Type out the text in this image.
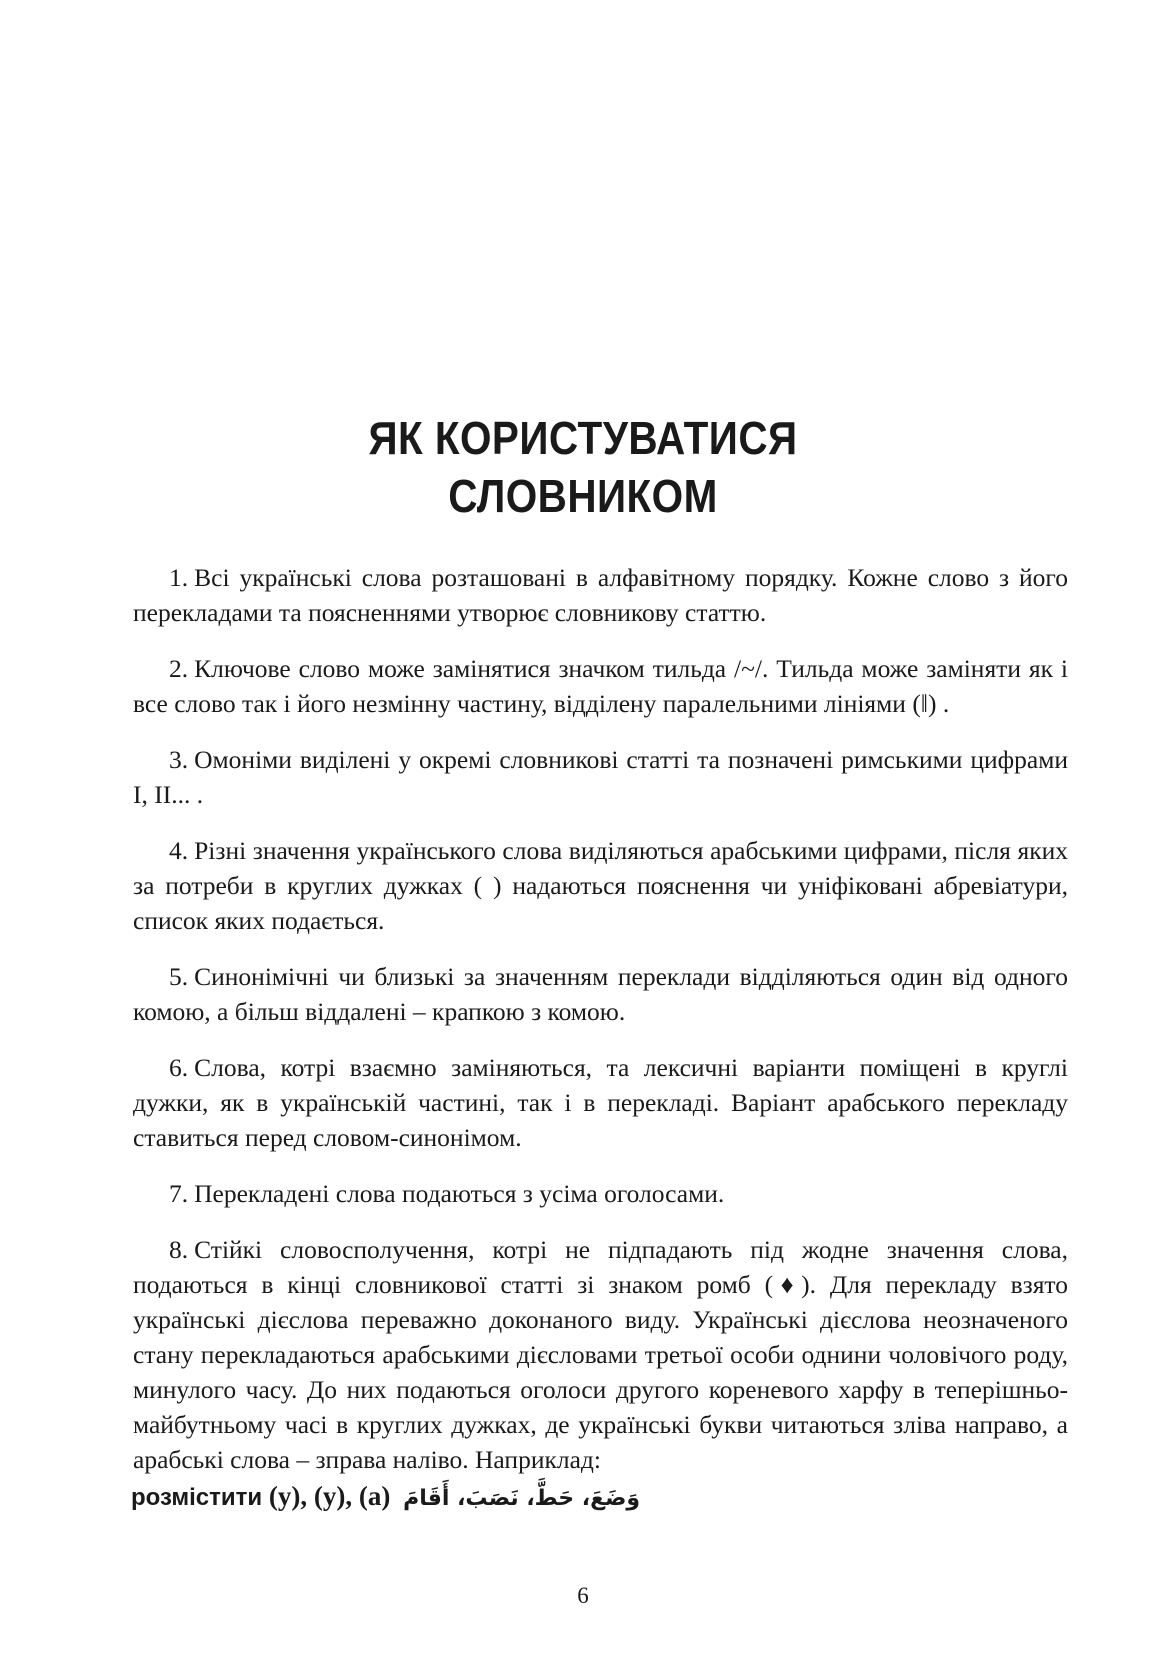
ЯК КОРИСТУВАТИСЯ
СЛОВНИКОМ

1. Всі українські слова розташовані в алфавітному порядку. Кожне слово з його перекладами та поясненнями утворює словникову статтю.

2. Ключове слово може замінятися значком тильда /~/. Тильда може заміняти як і все слово так і його незмінну частину, відділену паралельними лініями (‖) .

3. Омоніми виділені у окремі словникові статті та позначені римськими цифрами I, II... .

4. Різні значення українського слова виділяються арабськими цифрами, після яких за потреби в круглих дужках ( ) надаються пояснення чи уніфіковані абревіатури, список яких подається.

5. Синонімічні чи близькі за значенням переклади відділяються один від одного комою, а більш віддалені – крапкою з комою.

6. Слова, котрі взаємно заміняються, та лексичні варіанти поміщені в круглі дужки, як в українській частині, так і в перекладі. Варіант арабського перекладу ставиться перед словом-синонімом.

7. Перекладені слова подаються з усіма оголосами.

8. Стійкі словосполучення, котрі не підпадають під жодне значення слова, подаються в кінці словникової статті зі знаком ромб (♦). Для перекладу взято українські дієслова переважно доконаного виду. Українські дієслова неозначеного стану перекладаються арабськими дієсловами третьої особи однини чоловічого роду, минулого часу. До них подаються оголоси другого кореневого харфу в теперішньо-майбутньому часі в круглих дужках, де українські букви читаються зліва направо, а арабські слова – зправа наліво. Наприклад:

розмістити (у), (у), (а) وَضَعَ، حَطَّ، نَصَبَ، أَقَامَ
6
